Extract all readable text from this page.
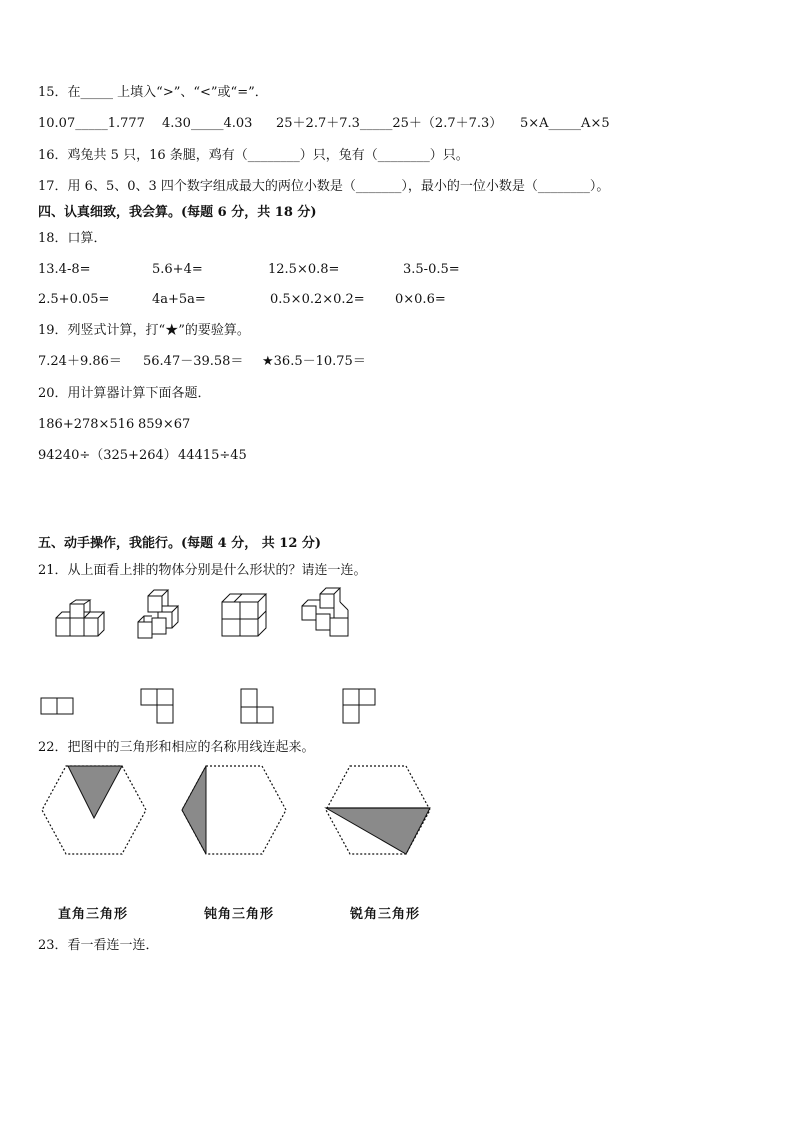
15．在_____ 上填入“>”、“<”或“=”．
10.07_____1.777 4.30_____4.03 25＋2.7＋7.3_____25＋（2.7＋7.3） 5×A_____A×5
16．鸡兔共 5 只，16 条腿，鸡有（________）只，兔有（________）只。
17．用 6、5、0、3 四个数字组成最大的两位小数是（_______），最小的一位小数是（________）。
四、认真细致，我会算。(每题 6 分，共 18 分)
18．口算．
13.4-8=	5.6+4=	12.5×0.8=	3.5-0.5=
2.5+0.05=	4a+5a=	0.5×0.2×0.2= 0×0.6=
19．列竖式计算，打“★”的要验算。
7.24＋9.86＝ 56.47－39.58＝ ★36.5－10.75＝
20．用计算器计算下面各题．
186+278×516 859×67
94240÷（325+264） 44415÷45
五、动手操作，我能行。(每题 4 分， 共 12 分)
21．从上面看上排的物体分别是什么形状的？请连一连。
22．把图中的三角形和相应的名称用线连起来。
直角三角形	钝角三角形	锐角三角形
23．看一看连一连．
